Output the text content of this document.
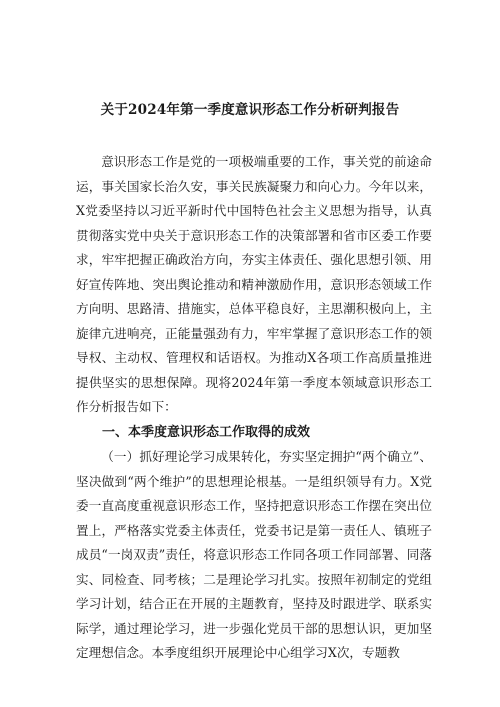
关于2024年第一季度意识形态工作分析研判报告

意识形态工作是党的一项极端重要的工作，事关党的前途命运，事关国家长治久安，事关民族凝聚力和向心力。今年以来，X党委坚持以习近平新时代中国特色社会主义思想为指导，认真贯彻落实党中央关于意识形态工作的决策部署和省市区委工作要求，牢牢把握正确政治方向，夯实主体责任、强化思想引领、用好宣传阵地、突出舆论推动和精神激励作用，意识形态领域工作方向明、思路清、措施实，总体平稳良好，主思潮积极向上，主旋律亢进响亮，正能量强劲有力，牢牢掌握了意识形态工作的领导权、主动权、管理权和话语权。为推动X各项工作高质量推进提供坚实的思想保障。现将2024年第一季度本领域意识形态工作分析报告如下：

一、本季度意识形态工作取得的成效

（一）抓好理论学习成果转化，夯实坚定拥护“两个确立”、坚决做到“两个维护”的思想理论根基。一是组织领导有力。X党委一直高度重视意识形态工作，坚持把意识形态工作摆在突出位置上，严格落实党委主体责任，党委书记是第一责任人、镇班子成员“一岗双责”责任，将意识形态工作同各项工作同部署、同落实、同检查、同考核；二是理论学习扎实。按照年初制定的党组学习计划，结合正在开展的主题教育，坚持及时跟进学、联系实际学，通过理论学习，进一步强化党员干部的思想认识，更加坚定理想信念。本季度组织开展理论中心组学习X次，专题教
